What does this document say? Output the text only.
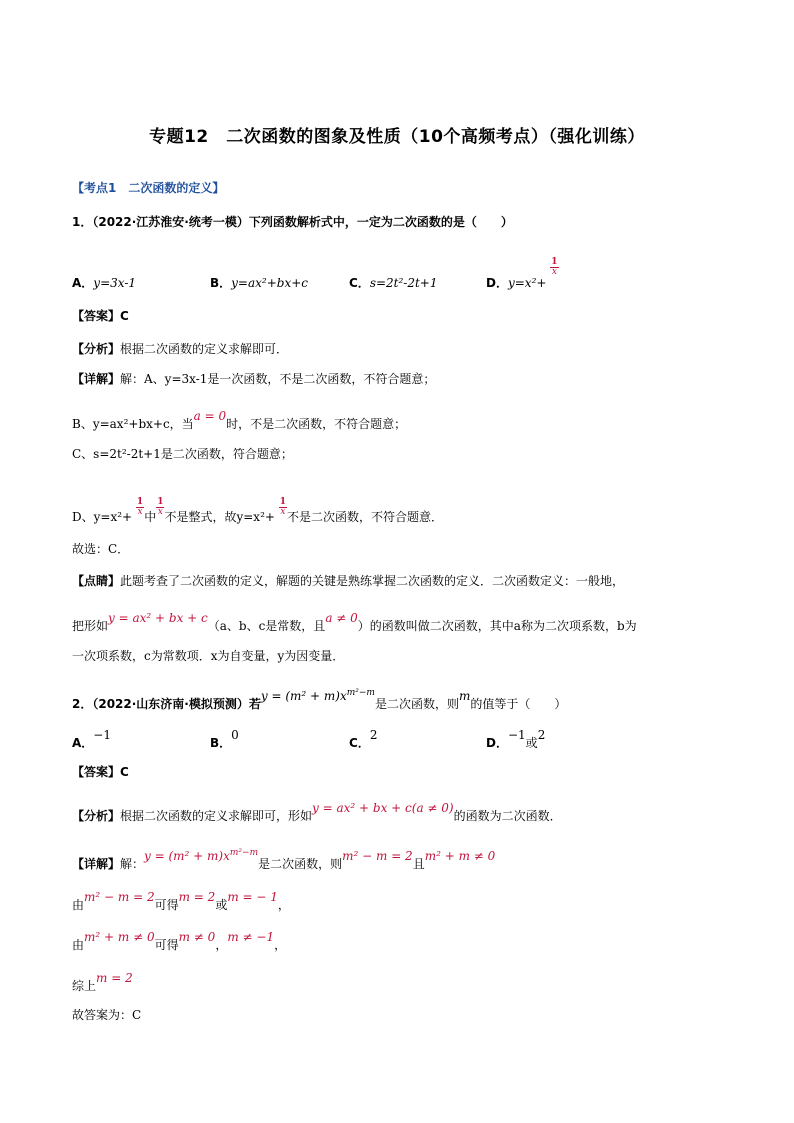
专题12　二次函数的图象及性质（10个高频考点）（强化训练）
【考点1　二次函数的定义】
1．（2022·江苏淮安·统考一模）下列函数解析式中，一定为二次函数的是（　　）
A．y=3x-1	B．y=ax²+bx+c	C．s=2t²-2t+1	D．y=x²+
$\frac{1}{x}$
【答案】C
【分析】根据二次函数的定义求解即可．
【详解】解：A、y=3x-1是一次函数，不是二次函数，不符合题意；
B、y=ax²+bx+c，当a = 0时，不是二次函数，不符合题意；
C、s=2t²-2t+1是二次函数，符合题意；
D、$y=x^2+ \frac{1}{x}$ 中 $\frac{1}{x}$ 不是整式，故$y=x^2+ \frac{1}{x}$ 不是二次函数，不符合题意．
故选：C．
【点睛】此题考查了二次函数的定义，解题的关键是熟练掌握二次函数的定义．二次函数定义：一般地，
把形如y = ax² + bx + c（a、b、c是常数，且a ≠ 0）的函数叫做二次函数，其中a称为二次项系数，b为
一次项系数，c为常数项．x为自变量，y为因变量．
2．（2022·山东济南·模拟预测）若$y = (m^2 + m)x^{m^2-m}$是二次函数，则m的值等于（　　）
A．−1
B．0
C．2
D．−1或2
【答案】C
【分析】根据二次函数的定义求解即可，形如y = ax² + bx + c(a ≠ 0)的函数为二次函数．
【详解】解：$y = (m^2 + m)x^{m^2-m}$是二次函数，则m² − m = 2且m² + m ≠ 0
由m² − m = 2可得m = 2或m = − 1，
由m² + m ≠ 0可得m ≠ 0，m ≠ −1，
综上m = 2
故答案为：C
